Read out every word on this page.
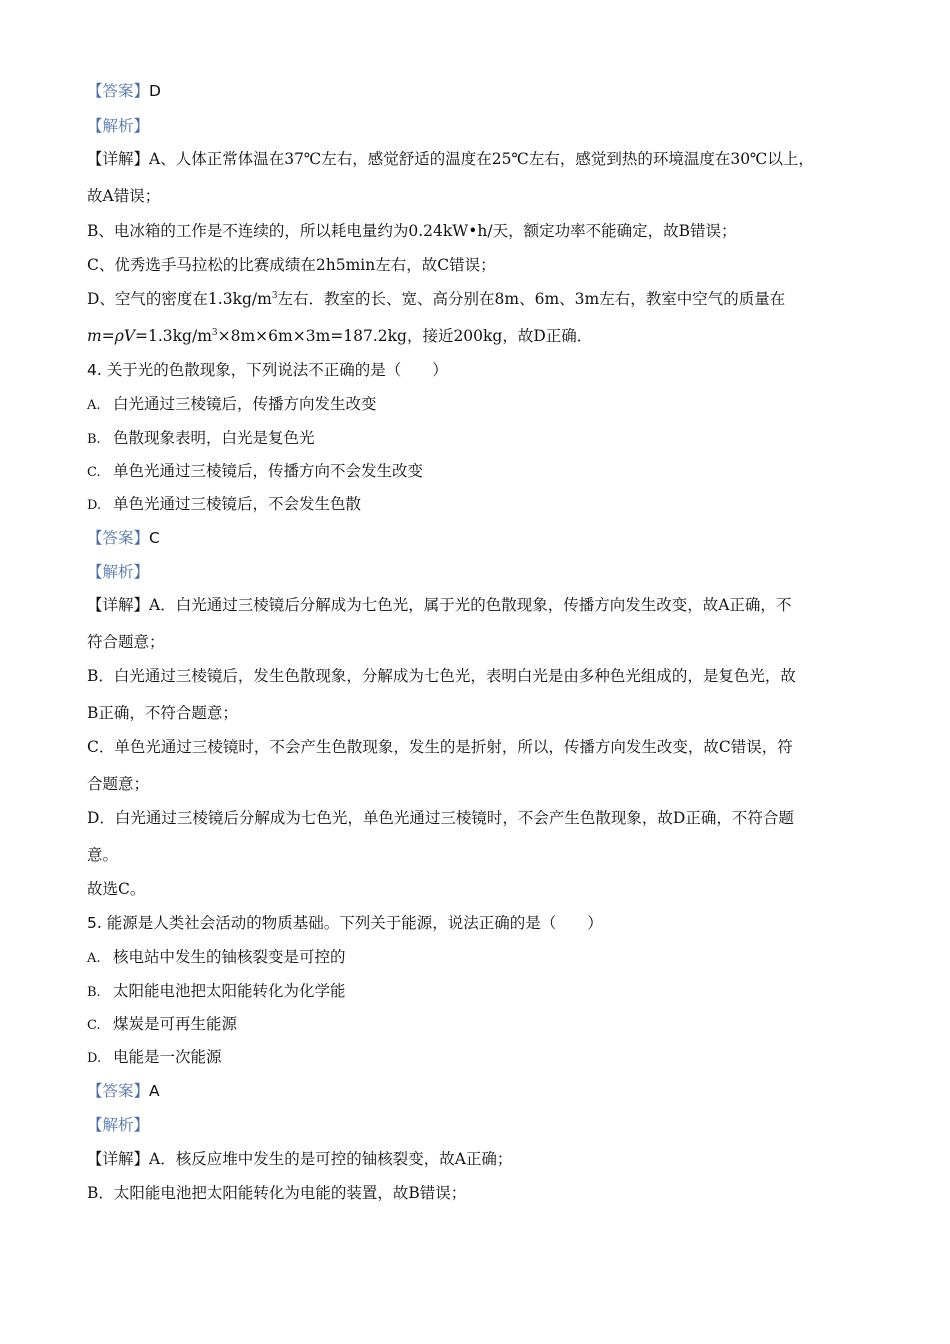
【答案】D
【解析】
【详解】A、人体正常体温在37℃左右，感觉舒适的温度在25℃左右，感觉到热的环境温度在30℃以上，
故A错误；
B、电冰箱的工作是不连续的，所以耗电量约为0.24kW•h/天，额定功率不能确定，故B错误；
C、优秀选手马拉松的比赛成绩在2h5min左右，故C错误；
D、空气的密度在$1.3kg/m^3$左右．教室的长、宽、高分别在8m、6m、3m左右，教室中空气的质量在
$m=\rho V=1.3kg/m^3\times 8m\times 6m\times 3m=187.2kg$，接近200kg，故D正确．
4. 关于光的色散现象，下列说法不正确的是（　　）
A. 白光通过三棱镜后，传播方向发生改变
B. 色散现象表明，白光是复色光
C. 单色光通过三棱镜后，传播方向不会发生改变
D. 单色光通过三棱镜后，不会发生色散
【答案】C
【解析】
【详解】A．白光通过三棱镜后分解成为七色光，属于光的色散现象，传播方向发生改变，故A正确，不
符合题意；
B．白光通过三棱镜后，发生色散现象，分解成为七色光，表明白光是由多种色光组成的，是复色光，故
B正确，不符合题意；
C．单色光通过三棱镜时，不会产生色散现象，发生的是折射，所以，传播方向发生改变，故C错误，符
合题意；
D．白光通过三棱镜后分解成为七色光，单色光通过三棱镜时，不会产生色散现象，故D正确，不符合题
意。
故选C。
5. 能源是人类社会活动的物质基础。下列关于能源，说法正确的是（　　）
A. 核电站中发生的铀核裂变是可控的
B. 太阳能电池把太阳能转化为化学能
C. 煤炭是可再生能源
D. 电能是一次能源
【答案】A
【解析】
【详解】A．核反应堆中发生的是可控的铀核裂变，故A正确；
B．太阳能电池把太阳能转化为电能的装置，故B错误；
